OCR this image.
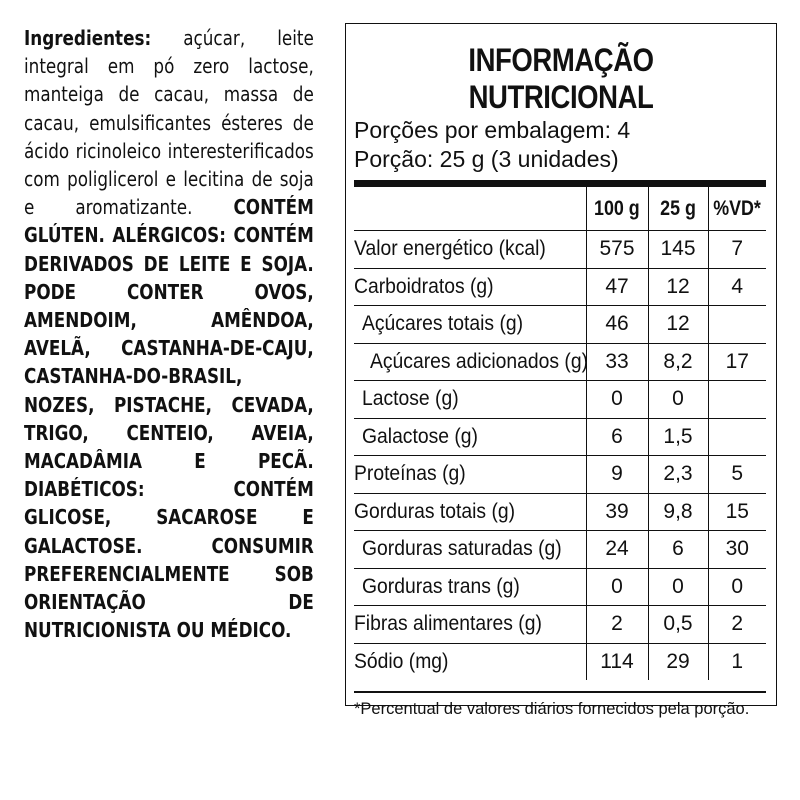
Ingredientes: açúcar, leite integral em pó zero lactose, manteiga de cacau, massa de cacau, emulsificantes ésteres de ácido ricinoleico interesterificados com poliglicerol e lecitina de soja e aromatizante. CONTÉM GLÚTEN. ALÉRGICOS: CONTÉM DERIVADOS DE LEITE E SOJA. PODE CONTER OVOS, AMENDOIM, AMÊNDOA, AVELÃ, CASTANHA-DE-CAJU, CASTANHA-DO-BRASIL, NOZES, PISTACHE, CEVADA, TRIGO, CENTEIO, AVEIA, MACADÂMIA E PECÃ. DIABÉTICOS: CONTÉM GLICOSE, SACAROSE E GALACTOSE. CONSUMIR PREFERENCIALMENTE SOB ORIENTAÇÃO DE NUTRICIONISTA OU MÉDICO.
INFORMAÇÃO NUTRICIONAL
Porções por embalagem: 4
Porção: 25 g (3 unidades)
	100 g	25 g	%VD*
Valor energético (kcal)	575	145	7
Carboidratos (g)	47	12	4
Açúcares totais (g)	46	12	
Açúcares adicionados (g)	33	8,2	17
Lactose (g)	0	0	
Galactose (g)	6	1,5	
Proteínas (g)	9	2,3	5
Gorduras totais (g)	39	9,8	15
Gorduras saturadas (g)	24	6	30
Gorduras trans (g)	0	0	0
Fibras alimentares (g)	2	0,5	2
Sódio (mg)	114	29	1
*Percentual de valores diários fornecidos pela porção.
